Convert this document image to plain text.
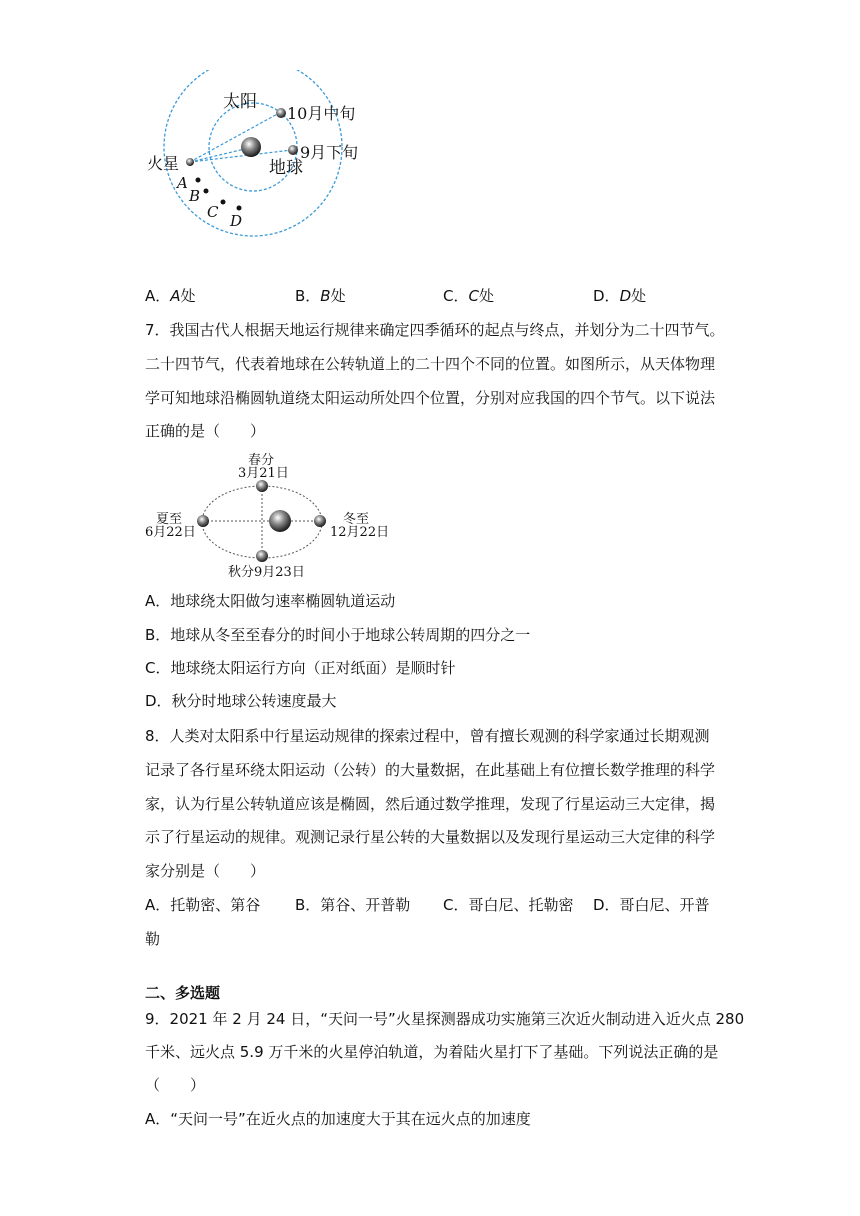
太阳
10月中旬
9月下旬
地球
火星
A
B
C D
A．A处	B．B处	C．C处	D．D处
7．我国古代人根据天地运行规律来确定四季循环的起点与终点，并划分为二十四节气。
二十四节气，代表着地球在公转轨道上的二十四个不同的位置。如图所示，从天体物理
学可知地球沿椭圆轨道绕太阳运动所处四个位置，分别对应我国的四个节气。以下说法
正确的是（　　）
春分
3月21日
夏至
6月22日
冬至
12月22日
秋分9月23日
A．地球绕太阳做匀速率椭圆轨道运动
B．地球从冬至至春分的时间小于地球公转周期的四分之一
C．地球绕太阳运行方向（正对纸面）是顺时针
D．秋分时地球公转速度最大
8．人类对太阳系中行星运动规律的探索过程中，曾有擅长观测的科学家通过长期观测
记录了各行星环绕太阳运动（公转）的大量数据，在此基础上有位擅长数学推理的科学
家，认为行星公转轨道应该是椭圆，然后通过数学推理，发现了行星运动三大定律，揭
示了行星运动的规律。观测记录行星公转的大量数据以及发现行星运动三大定律的科学
家分别是（　　）
A．托勒密、第谷 B．第谷、开普勒 C．哥白尼、托勒密 D．哥白尼、开普
勒
二、多选题
9．2021 年 2 月 24 日，“天问一号”火星探测器成功实施第三次近火制动进入近火点 280
千米、远火点 5.9 万千米的火星停泊轨道，为着陆火星打下了基础。下列说法正确的是
（　　）
A．“天问一号”在近火点的加速度大于其在远火点的加速度
